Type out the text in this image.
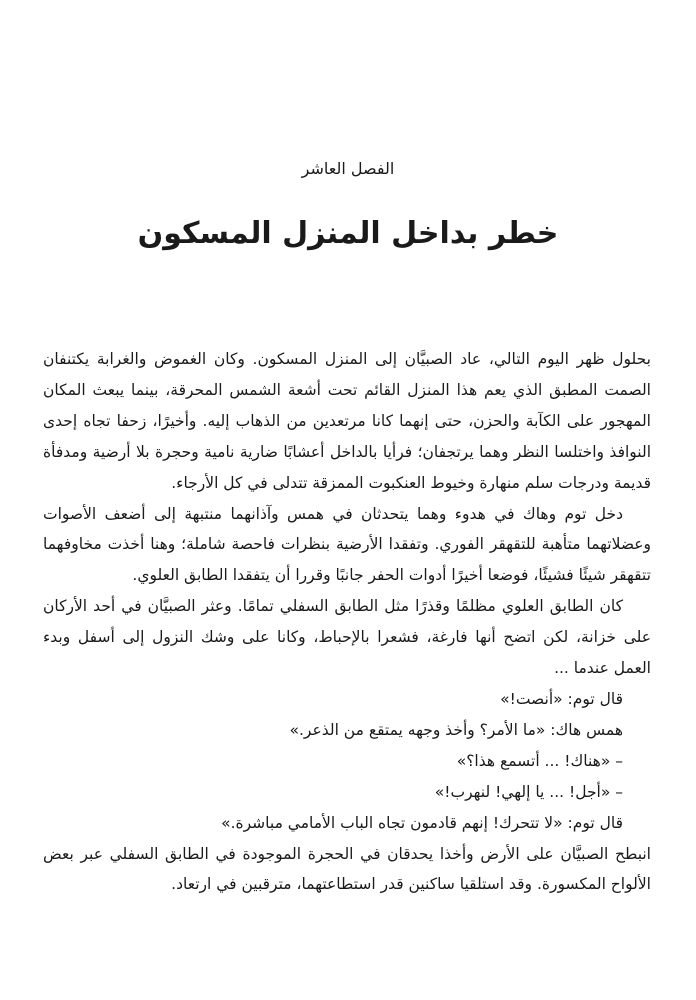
الفصل العاشر
خطر بداخل المنزل المسكون

بحلول ظهر اليوم التالي، عاد الصبيَّان إلى المنزل المسكون. وكان الغموض والغرابة يكتنفان الصمت المطبق الذي يعم هذا المنزل القائم تحت أشعة الشمس المحرقة، بينما يبعث المكان المهجور على الكآبة والحزن، حتى إنهما كانا مرتعدين من الذهاب إليه. وأخيرًا، زحفا تجاه إحدى النوافذ واختلسا النظر وهما يرتجفان؛ فرأيا بالداخل أعشابًا ضارية نامية وحجرة بلا أرضية ومدفأة قديمة ودرجات سلم منهارة وخيوط العنكبوت الممزقة تتدلى في كل الأرجاء.

دخل توم وهاك في هدوء وهما يتحدثان في همس وآذانهما منتبهة إلى أضعف الأصوات وعضلاتهما متأهبة للتقهقر الفوري. وتفقدا الأرضية بنظرات فاحصة شاملة؛ وهنا أخذت مخاوفهما تتقهقر شيئًا فشيئًا، فوضعا أخيرًا أدوات الحفر جانبًا وقررا أن يتفقدا الطابق العلوي.

كان الطابق العلوي مظلمًا وقذرًا مثل الطابق السفلي تمامًا. وعثر الصبيَّان في أحد الأركان على خزانة، لكن اتضح أنها فارغة، فشعرا بالإحباط، وكانا على وشك النزول إلى أسفل وبدء العمل عندما ...

قال توم: «أنصت!»

همس هاك: «ما الأمر؟ وأخذ وجهه يمتقع من الذعر.»

– «هناك! ... أتسمع هذا؟»

– «أجل! ... يا إلهي! لنهرب!»

قال توم: «لا تتحرك! إنهم قادمون تجاه الباب الأمامي مباشرة.»

انبطح الصبيَّان على الأرض وأخذا يحدقان في الحجرة الموجودة في الطابق السفلي عبر بعض الألواح المكسورة. وقد استلقيا ساكنين قدر استطاعتهما، مترقبين في ارتعاد.
